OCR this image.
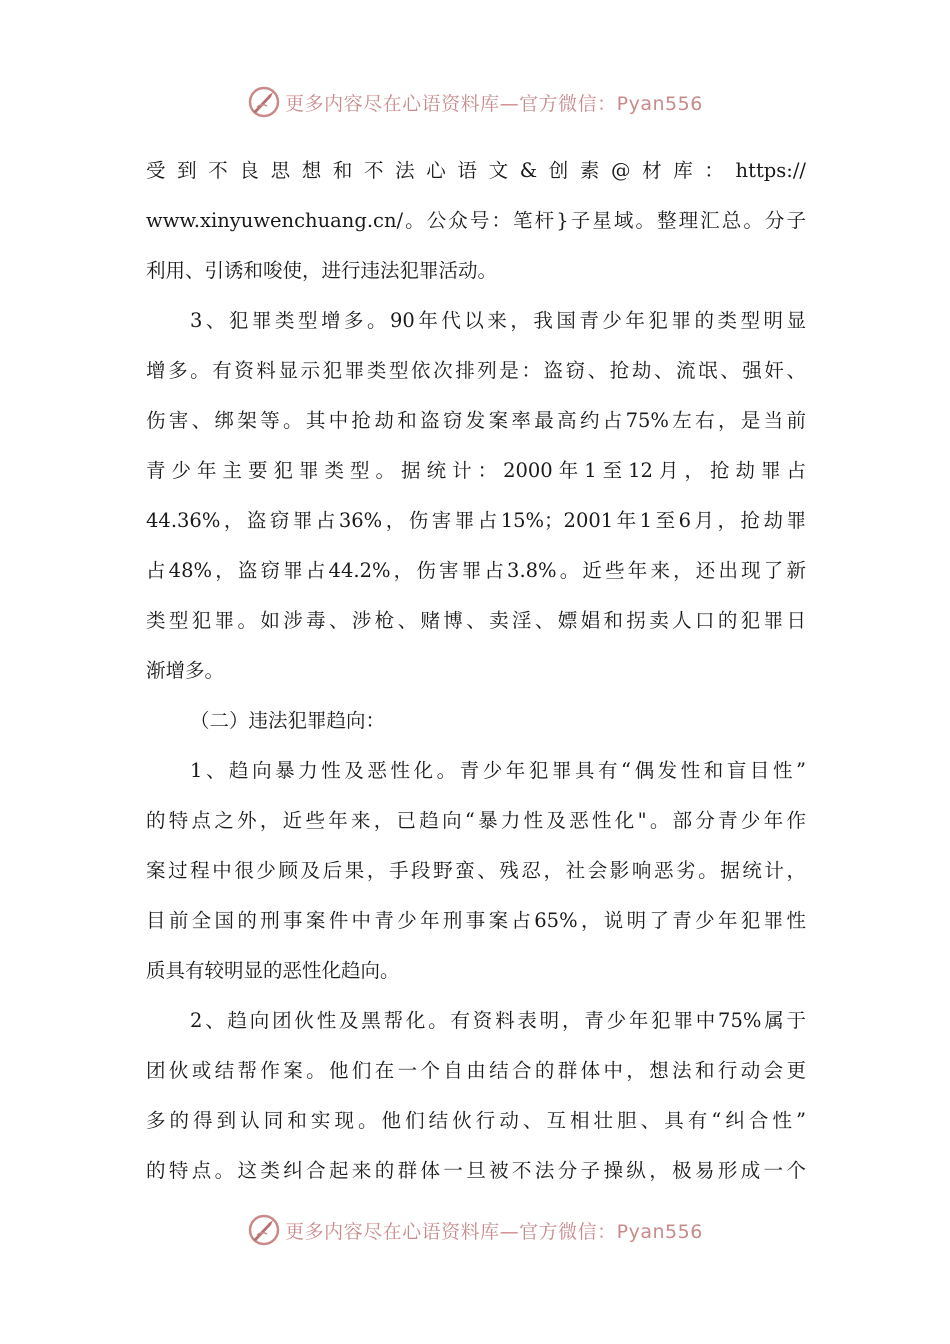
更多内容尽在心语资料库—官方微信：Pyan556
受到不良思想和不法心语文&创素@材库：https://
www.xinyuwenchuang.cn/。公众号：笔杆}子星域。整理汇总。分子
利用、引诱和唆使，进行违法犯罪活动。
3、犯罪类型增多。90年代以来，我国青少年犯罪的类型明显
增多。有资料显示犯罪类型依次排列是：盗窃、抢劫、流氓、强奸、
伤害、绑架等。其中抢劫和盗窃发案率最高约占75%左右，是当前
青少年主要犯罪类型。据统计：2000年1至12月，抢劫罪占
44.36%，盗窃罪占36%，伤害罪占15%；2001年1至6月，抢劫罪
占48%，盗窃罪占44.2%，伤害罪占3.8%。近些年来，还出现了新
类型犯罪。如涉毒、涉枪、赌博、卖淫、嫖娼和拐卖人口的犯罪日
渐增多。
（二）违法犯罪趋向：
1、趋向暴力性及恶性化。青少年犯罪具有“偶发性和盲目性”
的特点之外，近些年来，已趋向“暴力性及恶性化"。部分青少年作
案过程中很少顾及后果，手段野蛮、残忍，社会影响恶劣。据统计，
目前全国的刑事案件中青少年刑事案占65%，说明了青少年犯罪性
质具有较明显的恶性化趋向。
2、趋向团伙性及黑帮化。有资料表明，青少年犯罪中75%属于
团伙或结帮作案。他们在一个自由结合的群体中，想法和行动会更
多的得到认同和实现。他们结伙行动、互相壮胆、具有“纠合性”
的特点。这类纠合起来的群体一旦被不法分子操纵，极易形成一个
更多内容尽在心语资料库—官方微信：Pyan556
